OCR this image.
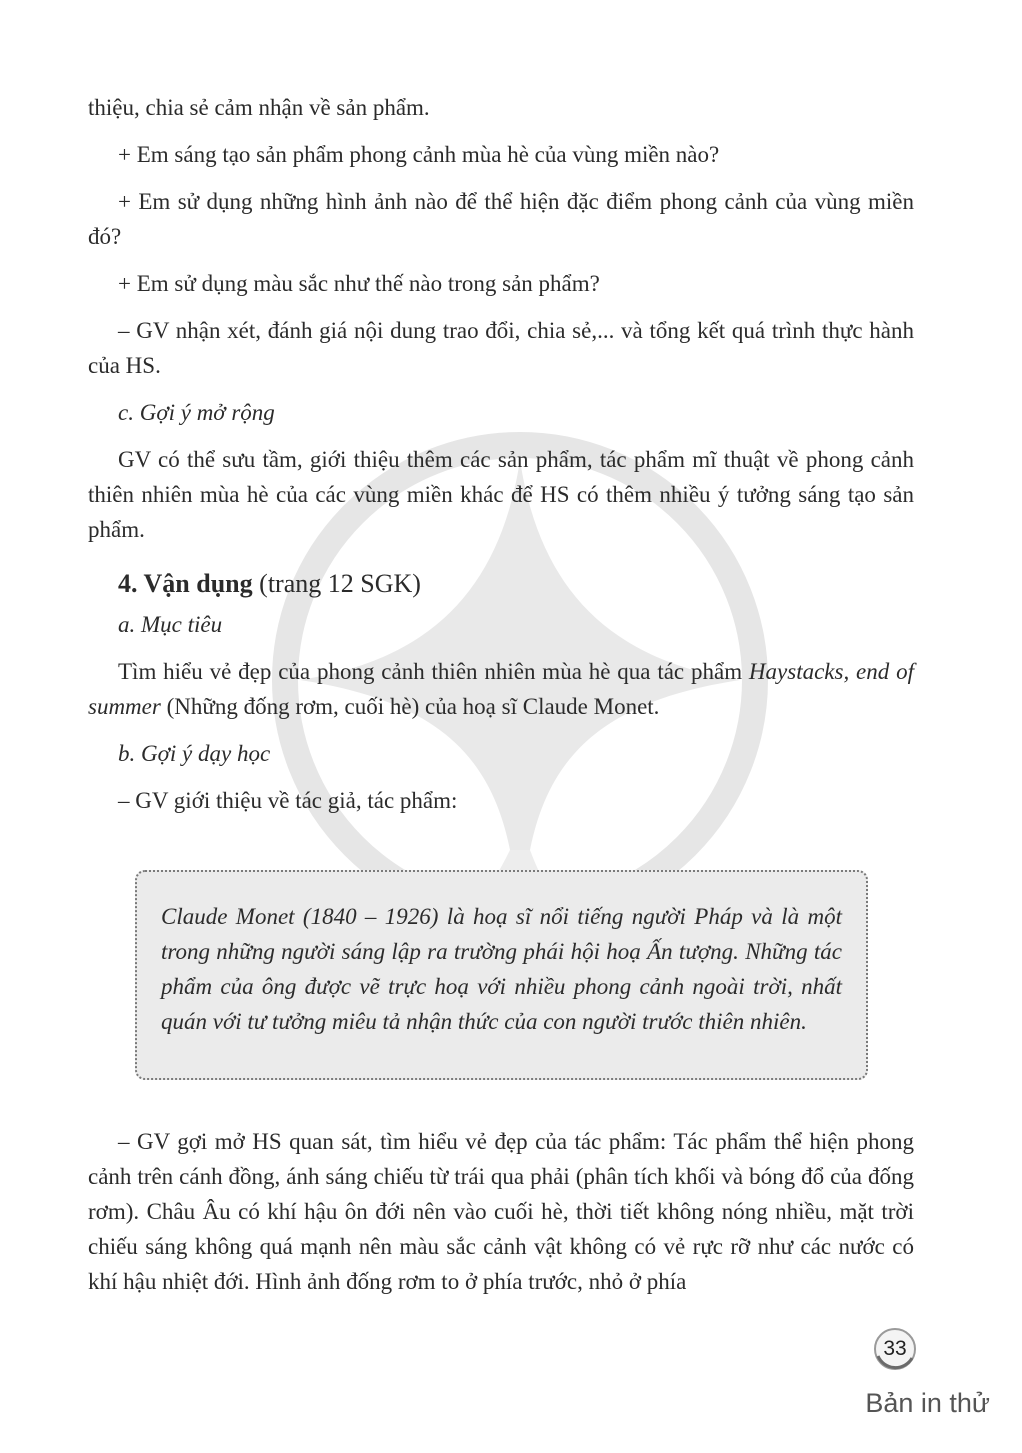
thiệu, chia sẻ cảm nhận về sản phẩm.

+ Em sáng tạo sản phẩm phong cảnh mùa hè của vùng miền nào?

+ Em sử dụng những hình ảnh nào để thể hiện đặc điểm phong cảnh của vùng miền đó?

+ Em sử dụng màu sắc như thế nào trong sản phẩm?

– GV nhận xét, đánh giá nội dung trao đổi, chia sẻ,... và tổng kết quá trình thực hành của HS.

c. Gợi ý mở rộng

GV có thể sưu tầm, giới thiệu thêm các sản phẩm, tác phẩm mĩ thuật về phong cảnh thiên nhiên mùa hè của các vùng miền khác để HS có thêm nhiều ý tưởng sáng tạo sản phẩm.

4. Vận dụng (trang 12 SGK)

a. Mục tiêu

Tìm hiểu vẻ đẹp của phong cảnh thiên nhiên mùa hè qua tác phẩm Haystacks, end of summer (Những đống rơm, cuối hè) của hoạ sĩ Claude Monet.

b. Gợi ý dạy học

– GV giới thiệu về tác giả, tác phẩm:

Claude Monet (1840 – 1926) là hoạ sĩ nổi tiếng người Pháp và là một trong những người sáng lập ra trường phái hội hoạ Ấn tượng. Những tác phẩm của ông được vẽ trực hoạ với nhiều phong cảnh ngoài trời, nhất quán với tư tưởng miêu tả nhận thức của con người trước thiên nhiên.

– GV gợi mở HS quan sát, tìm hiểu vẻ đẹp của tác phẩm: Tác phẩm thể hiện phong cảnh trên cánh đồng, ánh sáng chiếu từ trái qua phải (phân tích khối và bóng đổ của đống rơm). Châu Âu có khí hậu ôn đới nên vào cuối hè, thời tiết không nóng nhiều, mặt trời chiếu sáng không quá mạnh nên màu sắc cảnh vật không có vẻ rực rỡ như các nước có khí hậu nhiệt đới. Hình ảnh đống rơm to ở phía trước, nhỏ ở phía

33
Bản in thử
